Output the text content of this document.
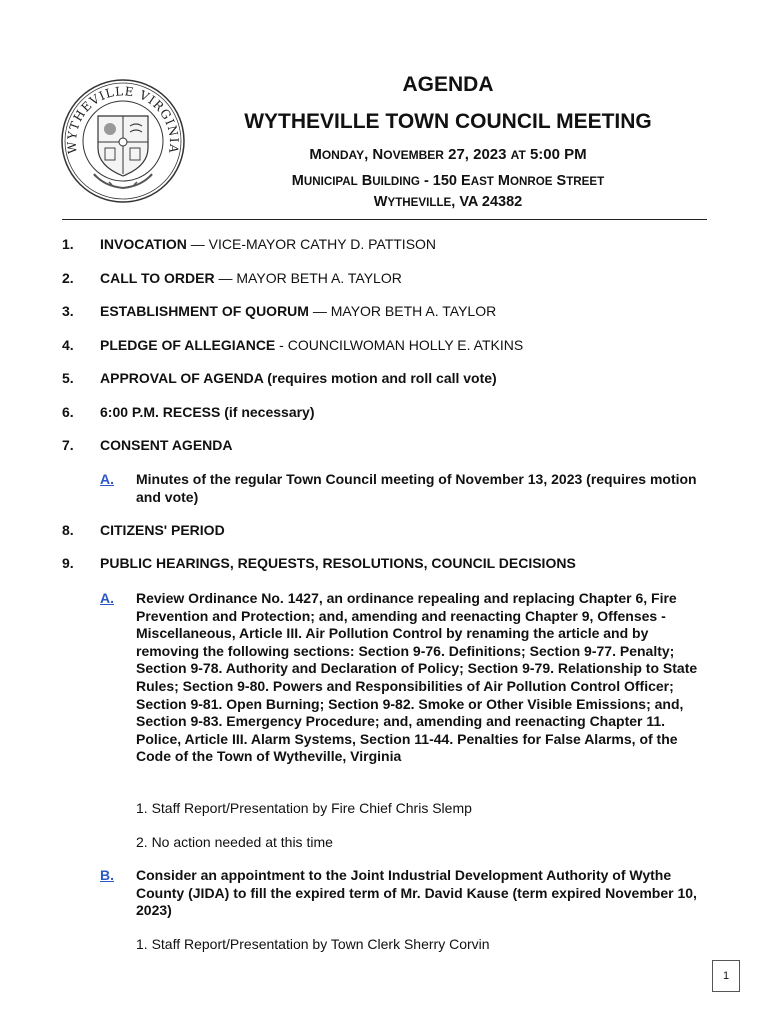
WYTHEVILLE VIRGINIA
AGENDA
WYTHEVILLE TOWN COUNCIL MEETING
MONDAY, NOVEMBER 27, 2023 AT 5:00 PM
MUNICIPAL BUILDING - 150 EAST MONROE STREET
WYTHEVILLE, VA 24382
1. INVOCATION — VICE-MAYOR CATHY D. PATTISON
2. CALL TO ORDER — MAYOR BETH A. TAYLOR
3. ESTABLISHMENT OF QUORUM — MAYOR BETH A. TAYLOR
4. PLEDGE OF ALLEGIANCE - COUNCILWOMAN HOLLY E. ATKINS
5. APPROVAL OF AGENDA (requires motion and roll call vote)
6. 6:00 P.M. RECESS (if necessary)
7. CONSENT AGENDA
A. Minutes of the regular Town Council meeting of November 13, 2023 (requires motion and vote)
8. CITIZENS' PERIOD
9. PUBLIC HEARINGS, REQUESTS, RESOLUTIONS, COUNCIL DECISIONS
A. Review Ordinance No. 1427, an ordinance repealing and replacing Chapter 6, Fire Prevention and Protection; and, amending and reenacting Chapter 9, Offenses - Miscellaneous, Article III. Air Pollution Control by renaming the article and by removing the following sections: Section 9-76. Definitions; Section 9-77. Penalty; Section 9-78. Authority and Declaration of Policy; Section 9-79. Relationship to State Rules; Section 9-80. Powers and Responsibilities of Air Pollution Control Officer; Section 9-81. Open Burning; Section 9-82. Smoke or Other Visible Emissions; and, Section 9-83. Emergency Procedure; and, amending and reenacting Chapter 11. Police, Article III. Alarm Systems, Section 11-44. Penalties for False Alarms, of the Code of the Town of Wytheville, Virginia
1. Staff Report/Presentation by Fire Chief Chris Slemp
2. No action needed at this time
B. Consider an appointment to the Joint Industrial Development Authority of Wythe County (JIDA) to fill the expired term of Mr. David Kause (term expired November 10, 2023)
1. Staff Report/Presentation by Town Clerk Sherry Corvin
1
